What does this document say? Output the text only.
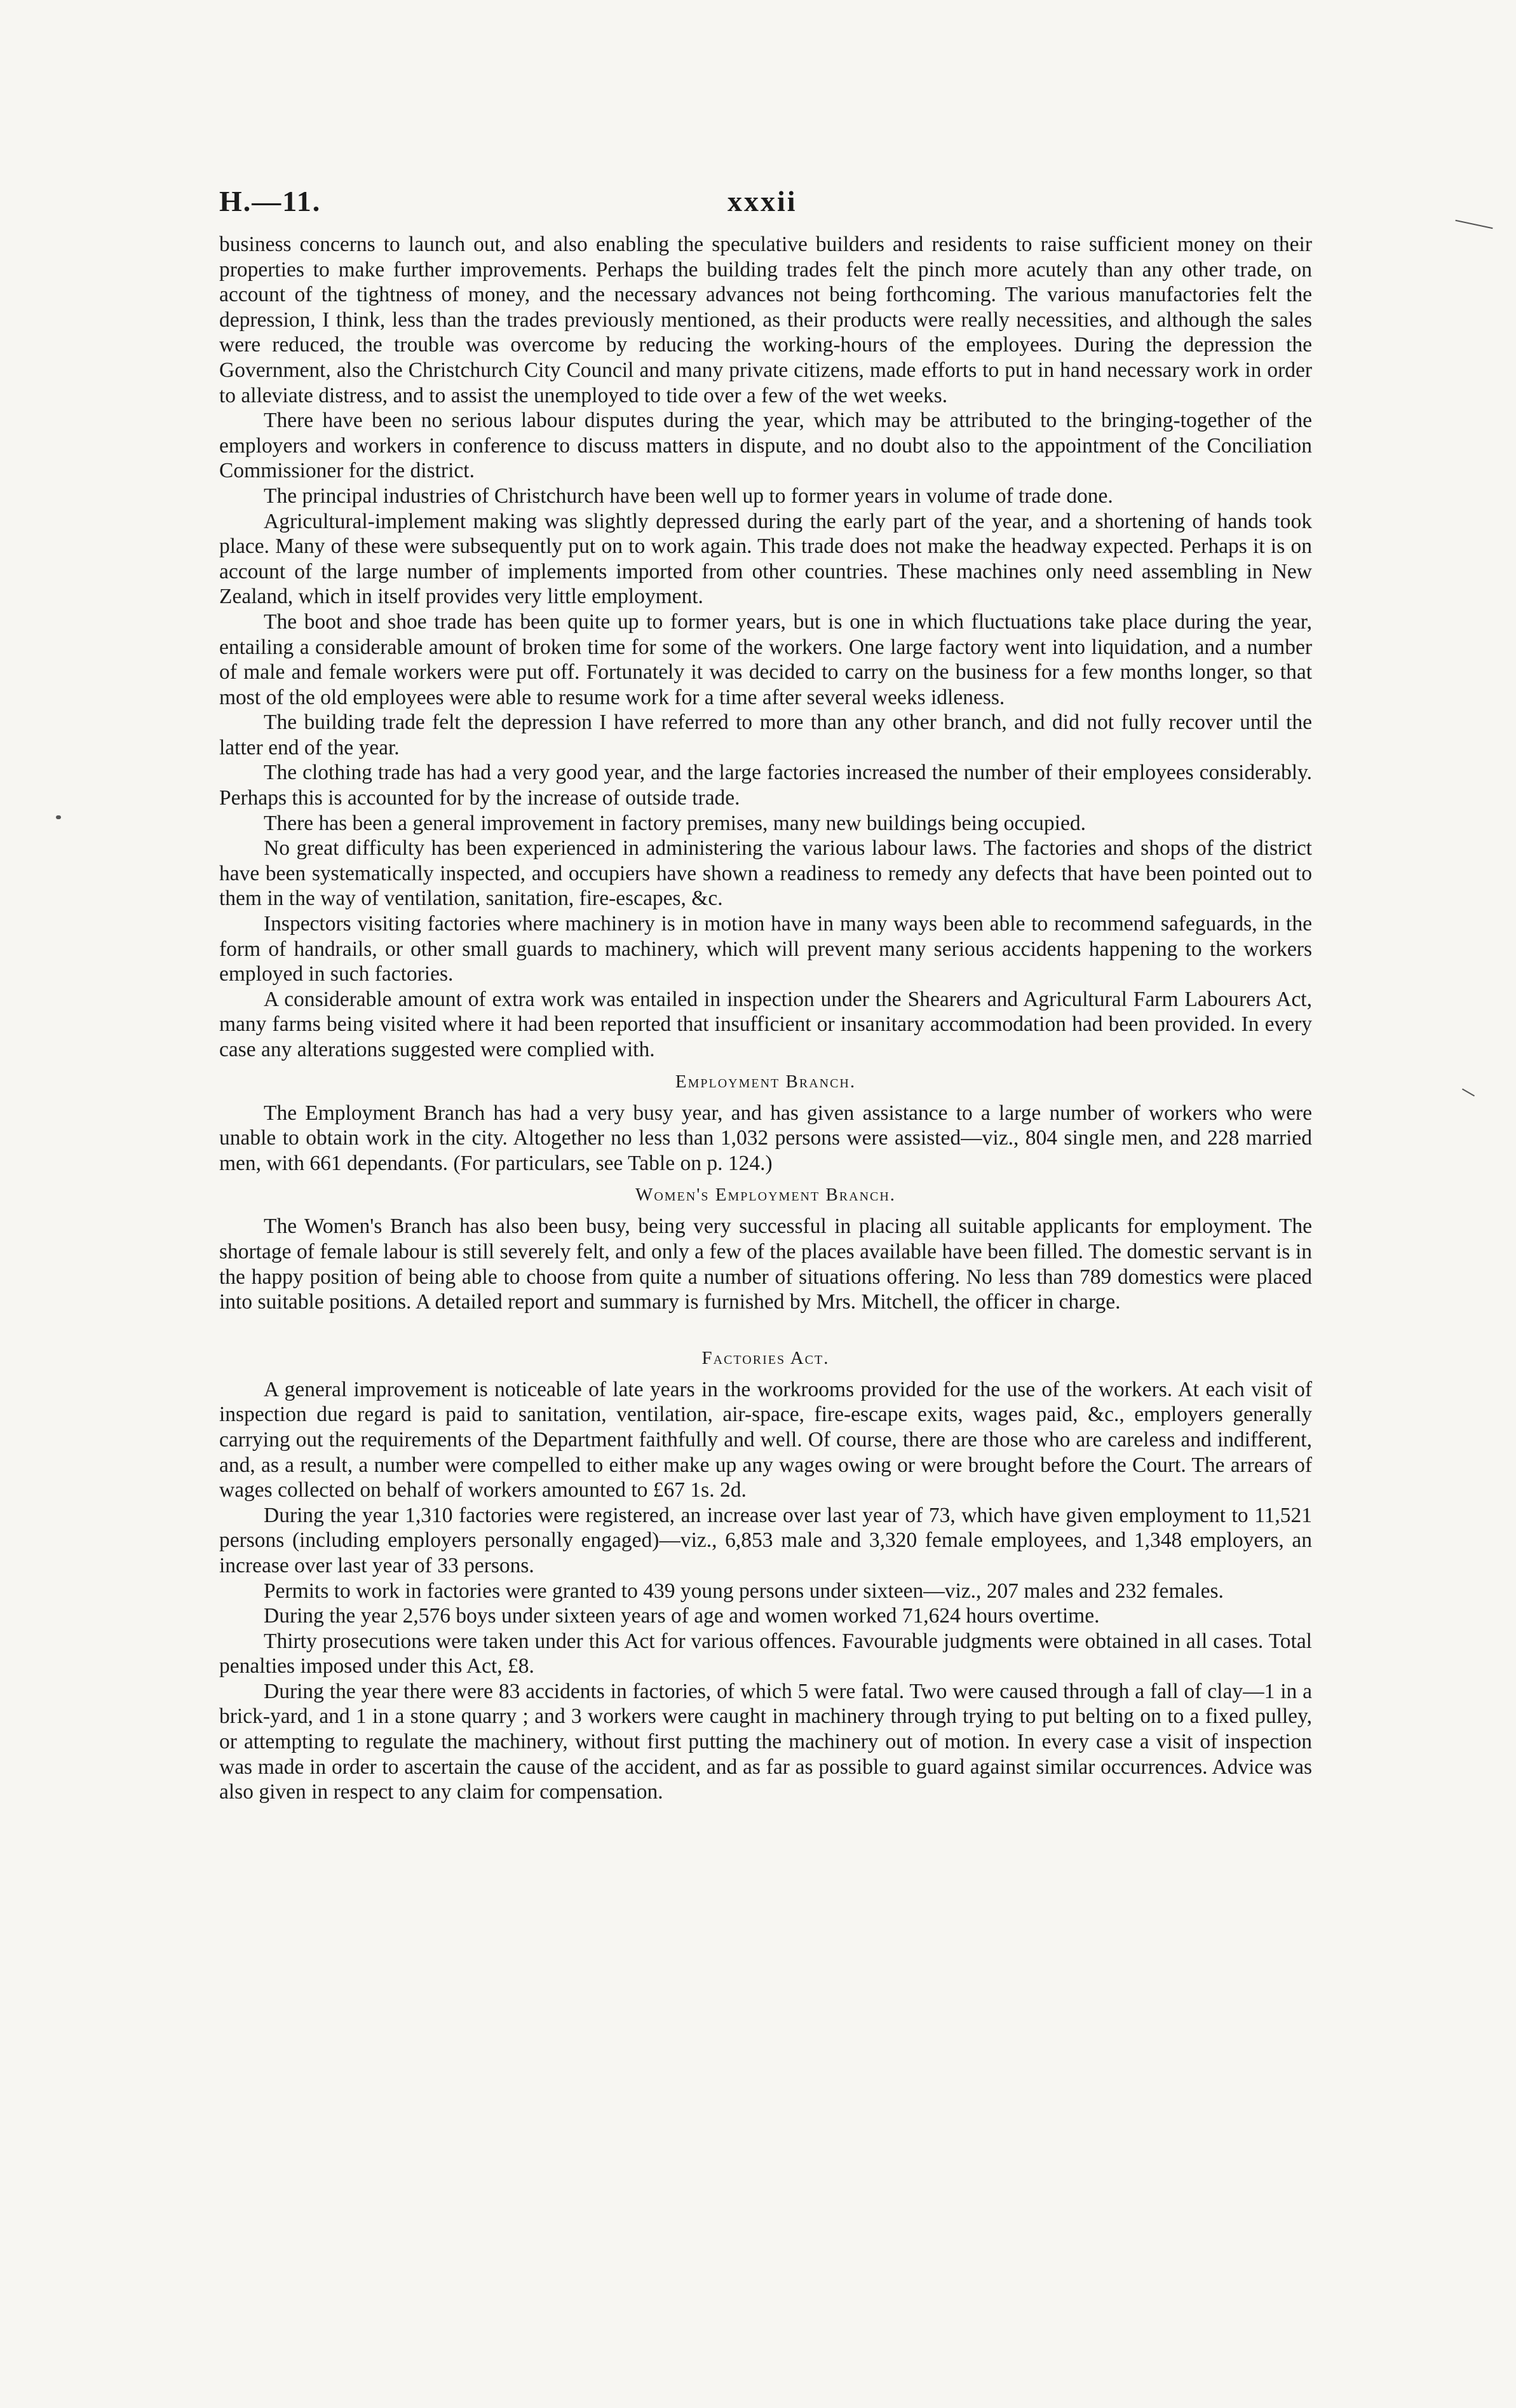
H.—11.	xxxii

business concerns to launch out, and also enabling the speculative builders and residents to raise sufficient money on their properties to make further improvements. Perhaps the building trades felt the pinch more acutely than any other trade, on account of the tightness of money, and the necessary advances not being forthcoming. The various manufactories felt the depression, I think, less than the trades previously mentioned, as their products were really necessities, and although the sales were reduced, the trouble was overcome by reducing the working-hours of the employees. During the depression the Government, also the Christchurch City Council and many private citizens, made efforts to put in hand necessary work in order to alleviate distress, and to assist the unemployed to tide over a few of the wet weeks.

There have been no serious labour disputes during the year, which may be attributed to the bringing-together of the employers and workers in conference to discuss matters in dispute, and no doubt also to the appointment of the Conciliation Commissioner for the district.

The principal industries of Christchurch have been well up to former years in volume of trade done.

Agricultural-implement making was slightly depressed during the early part of the year, and a shortening of hands took place. Many of these were subsequently put on to work again. This trade does not make the headway expected. Perhaps it is on account of the large number of implements imported from other countries. These machines only need assembling in New Zealand, which in itself provides very little employment.

The boot and shoe trade has been quite up to former years, but is one in which fluctuations take place during the year, entailing a considerable amount of broken time for some of the workers. One large factory went into liquidation, and a number of male and female workers were put off. Fortunately it was decided to carry on the business for a few months longer, so that most of the old employees were able to resume work for a time after several weeks idleness.

The building trade felt the depression I have referred to more than any other branch, and did not fully recover until the latter end of the year.

The clothing trade has had a very good year, and the large factories increased the number of their employees considerably. Perhaps this is accounted for by the increase of outside trade.

There has been a general improvement in factory premises, many new buildings being occupied.

No great difficulty has been experienced in administering the various labour laws. The factories and shops of the district have been systematically inspected, and occupiers have shown a readiness to remedy any defects that have been pointed out to them in the way of ventilation, sanitation, fire-escapes, &c.

Inspectors visiting factories where machinery is in motion have in many ways been able to recommend safeguards, in the form of handrails, or other small guards to machinery, which will prevent many serious accidents happening to the workers employed in such factories.

A considerable amount of extra work was entailed in inspection under the Shearers and Agricultural Farm Labourers Act, many farms being visited where it had been reported that insufficient or insanitary accommodation had been provided. In every case any alterations suggested were complied with.

Employment Branch.

The Employment Branch has had a very busy year, and has given assistance to a large number of workers who were unable to obtain work in the city. Altogether no less than 1,032 persons were assisted—viz., 804 single men, and 228 married men, with 661 dependants. (For particulars, see Table on p. 124.)

Women's Employment Branch.

The Women's Branch has also been busy, being very successful in placing all suitable applicants for employment. The shortage of female labour is still severely felt, and only a few of the places available have been filled. The domestic servant is in the happy position of being able to choose from quite a number of situations offering. No less than 789 domestics were placed into suitable positions. A detailed report and summary is furnished by Mrs. Mitchell, the officer in charge.

Factories Act.

A general improvement is noticeable of late years in the workrooms provided for the use of the workers. At each visit of inspection due regard is paid to sanitation, ventilation, air-space, fire-escape exits, wages paid, &c., employers generally carrying out the requirements of the Department faithfully and well. Of course, there are those who are careless and indifferent, and, as a result, a number were compelled to either make up any wages owing or were brought before the Court. The arrears of wages collected on behalf of workers amounted to £67 1s. 2d.

During the year 1,310 factories were registered, an increase over last year of 73, which have given employment to 11,521 persons (including employers personally engaged)—viz., 6,853 male and 3,320 female employees, and 1,348 employers, an increase over last year of 33 persons.

Permits to work in factories were granted to 439 young persons under sixteen—viz., 207 males and 232 females.

During the year 2,576 boys under sixteen years of age and women worked 71,624 hours overtime.

Thirty prosecutions were taken under this Act for various offences. Favourable judgments were obtained in all cases. Total penalties imposed under this Act, £8.

During the year there were 83 accidents in factories, of which 5 were fatal. Two were caused through a fall of clay—1 in a brick-yard, and 1 in a stone quarry ; and 3 workers were caught in machinery through trying to put belting on to a fixed pulley, or attempting to regulate the machinery, without first putting the machinery out of motion. In every case a visit of inspection was made in order to ascertain the cause of the accident, and as far as possible to guard against similar occurrences. Advice was also given in respect to any claim for compensation.
